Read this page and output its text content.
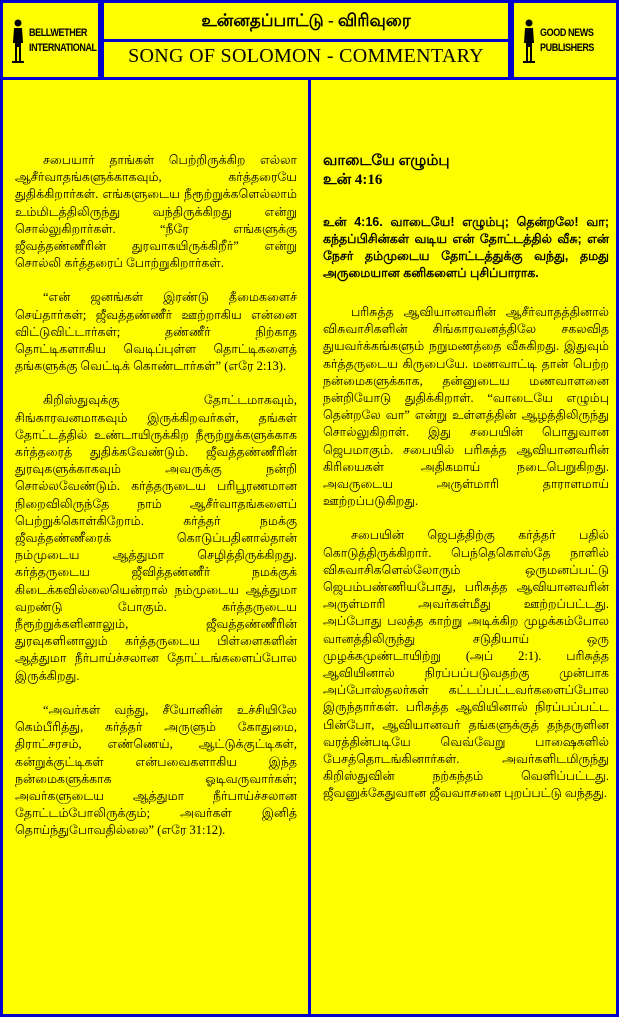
BELLWETHER
INTERNATIONAL
உன்னதப்பாட்டு - விரிவுரை
SONG OF SOLOMON - COMMENTARY
GOOD NEWS
PUBLISHERS

சபையார் தாங்கள் பெற்றிருக்கிற எல்லா ஆசீர்வாதங்களுக்காகவும், கர்த்தரையே துதிக்கிறார்கள். எங்களுடைய நீரூற்றுக்களெல்லாம் உம்மிடத்திலிருந்து வந்திருக்கிறது என்று சொல்லுகிறார்கள். “நீரே எங்களுக்கு ஜீவத்தண்ணீரின் துரவாகயிருக்கிறீர்” என்று சொல்லி கர்த்தரைப் போற்றுகிறார்கள்.

“என் ஜனங்கள் இரண்டு தீமைகளைச் செய்தார்கள்; ஜீவத்தண்ணீர் ஊற்றாகிய என்னை விட்டுவிட்டார்கள்; தண்ணீர் நிற்காத தொட்டிகளாகிய வெடிப்புள்ள தொட்டிகளைத் தங்களுக்கு வெட்டிக் கொண்டார்கள்” (எரே 2:13).

கிறிஸ்துவுக்கு தோட்டமாகவும், சிங்காரவனமாகவும் இருக்கிறவர்கள், தங்கள் தோட்டத்தில் உண்டாயிருக்கிற நீரூற்றுக்களுக்காக கர்த்தரைத் துதிக்கவேண்டும். ஜீவத்தண்ணீரின் துரவுகளுக்காகவும் அவருக்கு நன்றி சொல்லவேண்டும். கர்த்தருடைய பரிபூரணமான நிறைவிலிருந்தே நாம் ஆசீர்வாதங்களைப் பெற்றுக்கொள்கிறோம். கர்த்தர் நமக்கு ஜீவத்தண்ணீரைக் கொடுப்பதினால்தான் நம்முடைய ஆத்துமா செழித்திருக்கிறது. கர்த்தருடைய ஜீவித்தண்ணீர் நமக்குக் கிடைக்கவில்லையென்றால் நம்முடைய ஆத்துமா வறண்டு போகும். கர்த்தருடைய நீரூற்றுக்களினாலும், ஜீவத்தண்ணீரின் துரவுகளினாலும் கர்த்தருடைய பிள்ளைகளின் ஆத்துமா நீர்பாய்ச்சலான தோட்டங்களைப்போல இருக்கிறது.

“அவர்கள் வந்து, சீயோனின் உச்சியிலே கெம்பீரித்து, கர்த்தர் அருளும் கோதுமை, திராட்சரசம், எண்ணெய், ஆட்டுக்குட்டிகள், கன்றுக்குட்டிகள் என்பவைகளாகிய இந்த நன்மைகளுக்காக ஓடிவருவார்கள்; அவர்களுடைய ஆத்துமா நீர்பாய்ச்சலான தோட்டம்போலிருக்கும்; அவர்கள் இனித் தொய்ந்துபோவதில்லை” (எரே 31:12).

வாடையே எழும்பு
உன் 4:16
உன் 4:16. வாடையே! எழும்பு; தென்றலே! வா; கந்தப்பிசின்கள் வடிய என் தோட்டத்தில் வீசு; என் நேசர் தம்முடைய தோட்டத்துக்கு வந்து, தமது அருமையான கனிகளைப் புசிப்பாராக.

பரிசுத்த ஆவியானவரின் ஆசீர்வாதத்தினால் விசுவாசிகளின் சிங்காரவனத்திலே சகலவித துயவர்க்கங்களும் நறுமணத்தை வீசுகிறது. இதுவும் கர்த்தருடைய கிருபையே. மணவாட்டி தான் பெற்ற நன்மைகளுக்காக, தன்னுடைய மணவாளனை நன்றியோடு துதிக்கிறாள். “வாடையே எழும்பு தென்றலே வா” என்று உள்ளத்தின் ஆழத்திலிருந்து சொல்லுகிறாள். இது சபையின் பொதுவான ஜெபமாகும். சபையில் பரிசுத்த ஆவியானவரின் கிரியைகள் அதிகமாய் நடைபெறுகிறது. அவருடைய அருள்மாரி தாராளமாய் ஊற்றப்படுகிறது.

சபையின் ஜெபத்திற்கு கர்த்தர் பதில் கொடுத்திருக்கிறார். பெந்தெகொஸ்தே நாளில் விசுவாசிகளெல்லோரும் ஒருமனப்பட்டு ஜெபம்பண்ணியபோது, பரிசுத்த ஆவியானவரின் அருள்மாரி அவர்கள்மீது ஊற்றப்பட்டது. அப்போது பலத்த காற்று அடிக்கிற முழக்கம்போல வானத்திலிருந்து சடுதியாய் ஒரு முழக்கமுண்டாயிற்று (அப் 2:1). பரிசுத்த ஆவியினால் நிரப்பப்படுவதற்கு முன்பாக அப்போஸ்தலர்கள் கட்டப்பட்டவர்களைப்போல இருந்தார்கள். பரிசுத்த ஆவியினால் நிரப்பப்பட்ட பின்போ, ஆவியானவர் தங்களுக்குத் தந்தருளின வரத்தின்படியே வெவ்வேறு பாஷைகளில் பேசத்தொடங்கினார்கள். அவர்களிடமிருந்து கிறிஸ்துவின் நற்கந்தம் வெளிப்பட்டது. ஜீவனுக்கேதுவான ஜீவவாசனை புறப்பட்டு வந்தது.
